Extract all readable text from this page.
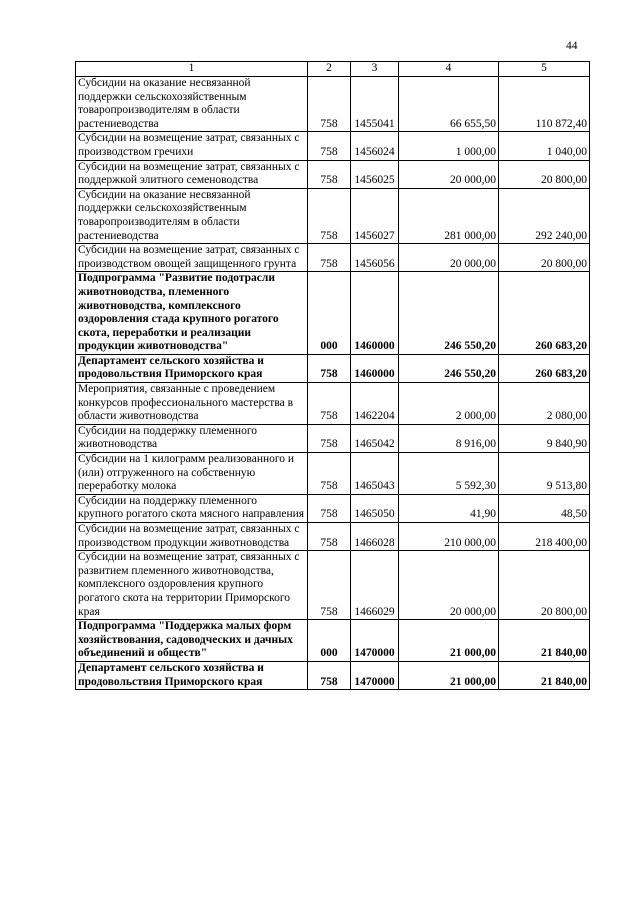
44
1	2	3	4	5
Субсидии на оказание несвязанной поддержки сельскохозяйственным товаропроизводителям в области растениеводства	758	1455041	66 655,50	110 872,40
Субсидии на возмещение затрат, связанных с производством гречихи	758	1456024	1 000,00	1 040,00
Субсидии на возмещение затрат, связанных с поддержкой элитного семеноводства	758	1456025	20 000,00	20 800,00
Субсидии на оказание несвязанной поддержки сельскохозяйственным товаропроизводителям в области растениеводства	758	1456027	281 000,00	292 240,00
Субсидии на возмещение затрат, связанных с производством овощей защищенного грунта	758	1456056	20 000,00	20 800,00
Подпрограмма "Развитие подотрасли животноводства, племенного животноводства, комплексного оздоровления стада крупного рогатого скота, переработки и реализации продукции животноводства"	000	1460000	246 550,20	260 683,20
Департамент сельского хозяйства и продовольствия Приморского края	758	1460000	246 550,20	260 683,20
Мероприятия, связанные с проведением конкурсов профессионального мастерства в области животноводства	758	1462204	2 000,00	2 080,00
Субсидии на поддержку племенного животноводства	758	1465042	8 916,00	9 840,90
Субсидии на 1 килограмм реализованного и (или) отгруженного на собственную переработку молока	758	1465043	5 592,30	9 513,80
Субсидии на поддержку племенного крупного рогатого скота мясного направления	758	1465050	41,90	48,50
Субсидии на возмещение затрат, связанных с производством продукции животноводства	758	1466028	210 000,00	218 400,00
Субсидии на возмещение затрат, связанных с развитием племенного животноводства, комплексного оздоровления крупного рогатого скота на территории Приморского края	758	1466029	20 000,00	20 800,00
Подпрограмма "Поддержка малых форм хозяйствования, садоводческих и дачных объединений и обществ"	000	1470000	21 000,00	21 840,00
Департамент сельского хозяйства и продовольствия Приморского края	758	1470000	21 000,00	21 840,00
